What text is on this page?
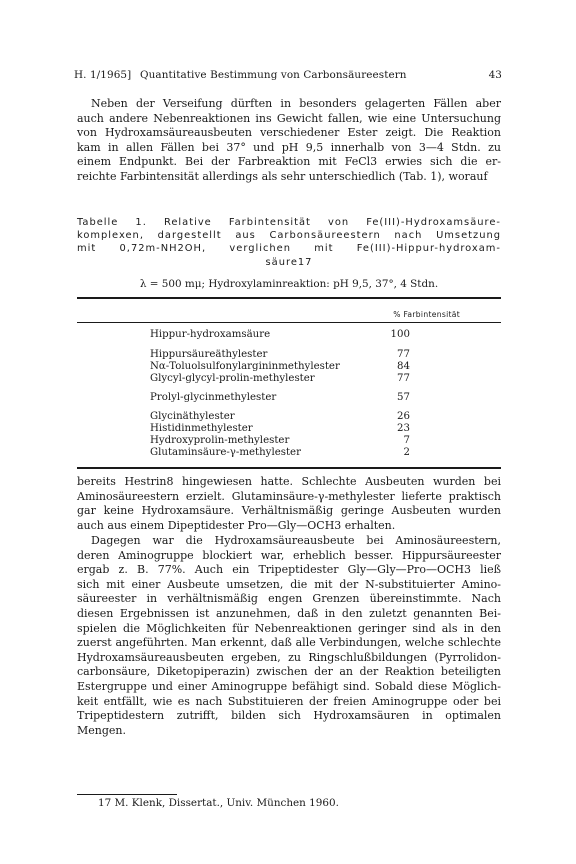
H. 1/1965] Quantitative Bestimmung von Carbonsäureestern	43
Neben der Verseifung dürften in besonders gelagerten Fällen aber
auch andere Nebenreaktionen ins Gewicht fallen, wie eine Untersuchung
von Hydroxamsäureausbeuten verschiedener Ester zeigt. Die Reaktion
kam in allen Fällen bei 37° und pH 9,5 innerhalb von 3—4 Stdn. zu
einem Endpunkt. Bei der Farbreaktion mit FeCl3 erwies sich die er-
reichte Farbintensität allerdings als sehr unterschiedlich (Tab. 1), worauf
Tabelle 1. Relative Farbintensität von Fe(III)-Hydroxamsäure-
komplexen, dargestellt aus Carbonsäureestern nach Umsetzung
mit 0,72m-NH2OH, verglichen mit Fe(III)-Hippur-hydroxam-
säure17
λ = 500 mμ; Hydroxylaminreaktion: pH 9,5, 37°, 4 Stdn.
% Farbintensität
Hippur-hydroxamsäure	100
Hippursäureäthylester	77
Nα-Toluolsulfonylargininmethylester	84
Glycyl-glycyl-prolin-methylester	77
Prolyl-glycinmethylester	57
Glycinäthylester	26
Histidinmethylester	23
Hydroxyprolin-methylester	7
Glutaminsäure-γ-methylester	2
bereits Hestrin8 hingewiesen hatte. Schlechte Ausbeuten wurden bei
Aminosäureestern erzielt. Glutaminsäure-γ-methylester lieferte praktisch
gar keine Hydroxamsäure. Verhältnismäßig geringe Ausbeuten wurden
auch aus einem Dipeptidester Pro—Gly—OCH3 erhalten.
Dagegen war die Hydroxamsäureausbeute bei Aminosäureestern,
deren Aminogruppe blockiert war, erheblich besser. Hippursäureester
ergab z. B. 77%. Auch ein Tripeptidester Gly—Gly—Pro—OCH3 ließ
sich mit einer Ausbeute umsetzen, die mit der N-substituierter Amino-
säureester in verhältnismäßig engen Grenzen übereinstimmte. Nach
diesen Ergebnissen ist anzunehmen, daß in den zuletzt genannten Bei-
spielen die Möglichkeiten für Nebenreaktionen geringer sind als in den
zuerst angeführten. Man erkennt, daß alle Verbindungen, welche schlechte
Hydroxamsäureausbeuten ergeben, zu Ringschlußbildungen (Pyrrolidon-
carbonsäure, Diketopiperazin) zwischen der an der Reaktion beteiligten
Estergruppe und einer Aminogruppe befähigt sind. Sobald diese Möglich-
keit entfällt, wie es nach Substituieren der freien Aminogruppe oder bei
Tripeptidestern zutrifft, bilden sich Hydroxamsäuren in optimalen
Mengen.
17 M. Klenk, Dissertat., Univ. München 1960.
